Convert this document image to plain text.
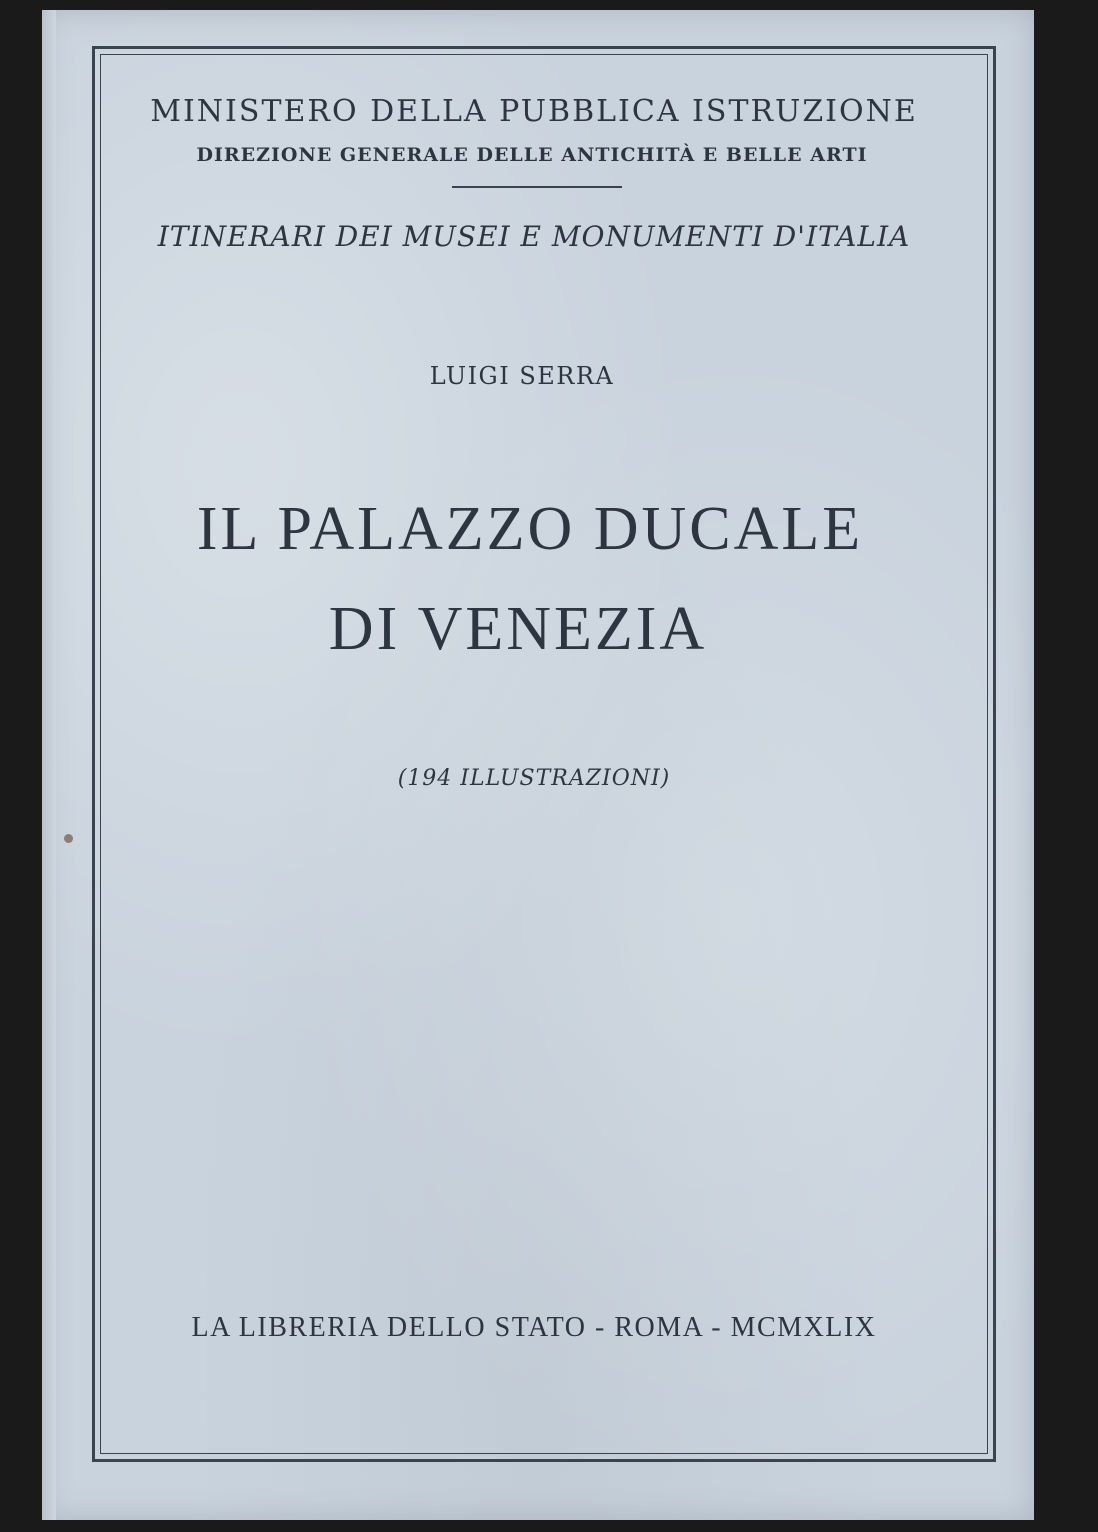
MINISTERO DELLA PUBBLICA ISTRUZIONE
DIREZIONE GENERALE DELLE ANTICHITÀ E BELLE ARTI
ITINERARI DEI MUSEI E MONUMENTI D'ITALIA
LUIGI SERRA
IL PALAZZO DUCALE
DI VENEZIA
(194 ILLUSTRAZIONI)
LA LIBRERIA DELLO STATO - ROMA - MCMXLIX
